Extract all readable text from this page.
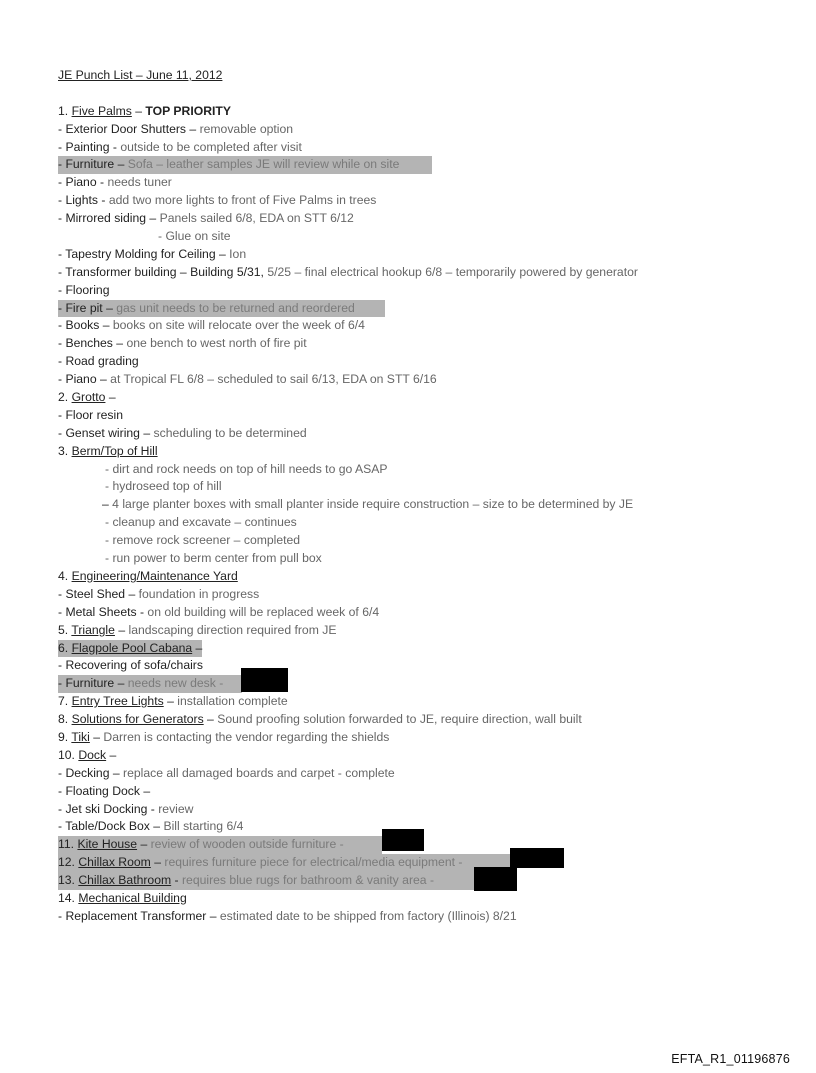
JE Punch List – June 11, 2012
1. Five Palms – TOP PRIORITY
- Exterior Door Shutters – removable option
- Painting - outside to be completed after visit
- Furniture – Sofa – leather samples JE will review while on site
- Piano - needs tuner
- Lights - add two more lights to front of Five Palms in trees
- Mirrored siding – Panels sailed 6/8, EDA on STT 6/12
- Glue on site
- Tapestry Molding for Ceiling – Ion
- Transformer building – Building 5/31, 5/25 – final electrical hookup 6/8 – temporarily powered by generator
- Flooring
- Fire pit – gas unit needs to be returned and reordered
- Books – books on site will relocate over the week of 6/4
- Benches – one bench to west north of fire pit
- Road grading
- Piano – at Tropical FL 6/8 – scheduled to sail 6/13, EDA on STT 6/16
2. Grotto –
- Floor resin
- Genset wiring – scheduling to be determined
3. Berm/Top of Hill
- dirt and rock needs on top of hill needs to go ASAP
- hydroseed top of hill
– 4 large planter boxes with small planter inside require construction – size to be determined by JE
- cleanup and excavate – continues
- remove rock screener – completed
- run power to berm center from pull box
4. Engineering/Maintenance Yard
- Steel Shed – foundation in progress
- Metal Sheets - on old building will be replaced week of 6/4
5. Triangle – landscaping direction required from JE
6. Flagpole Pool Cabana –
- Recovering of sofa/chairs
- Furniture – needs new desk -
7. Entry Tree Lights – installation complete
8. Solutions for Generators – Sound proofing solution forwarded to JE, require direction, wall built
9. Tiki – Darren is contacting the vendor regarding the shields
10. Dock –
- Decking – replace all damaged boards and carpet - complete
- Floating Dock –
- Jet ski Docking - review
- Table/Dock Box – Bill starting 6/4
11. Kite House – review of wooden outside furniture -
12. Chillax Room – requires furniture piece for electrical/media equipment -
13. Chillax Bathroom - requires blue rugs for bathroom & vanity area -
14. Mechanical Building
- Replacement Transformer – estimated date to be shipped from factory (Illinois) 8/21
EFTA_R1_01196876
